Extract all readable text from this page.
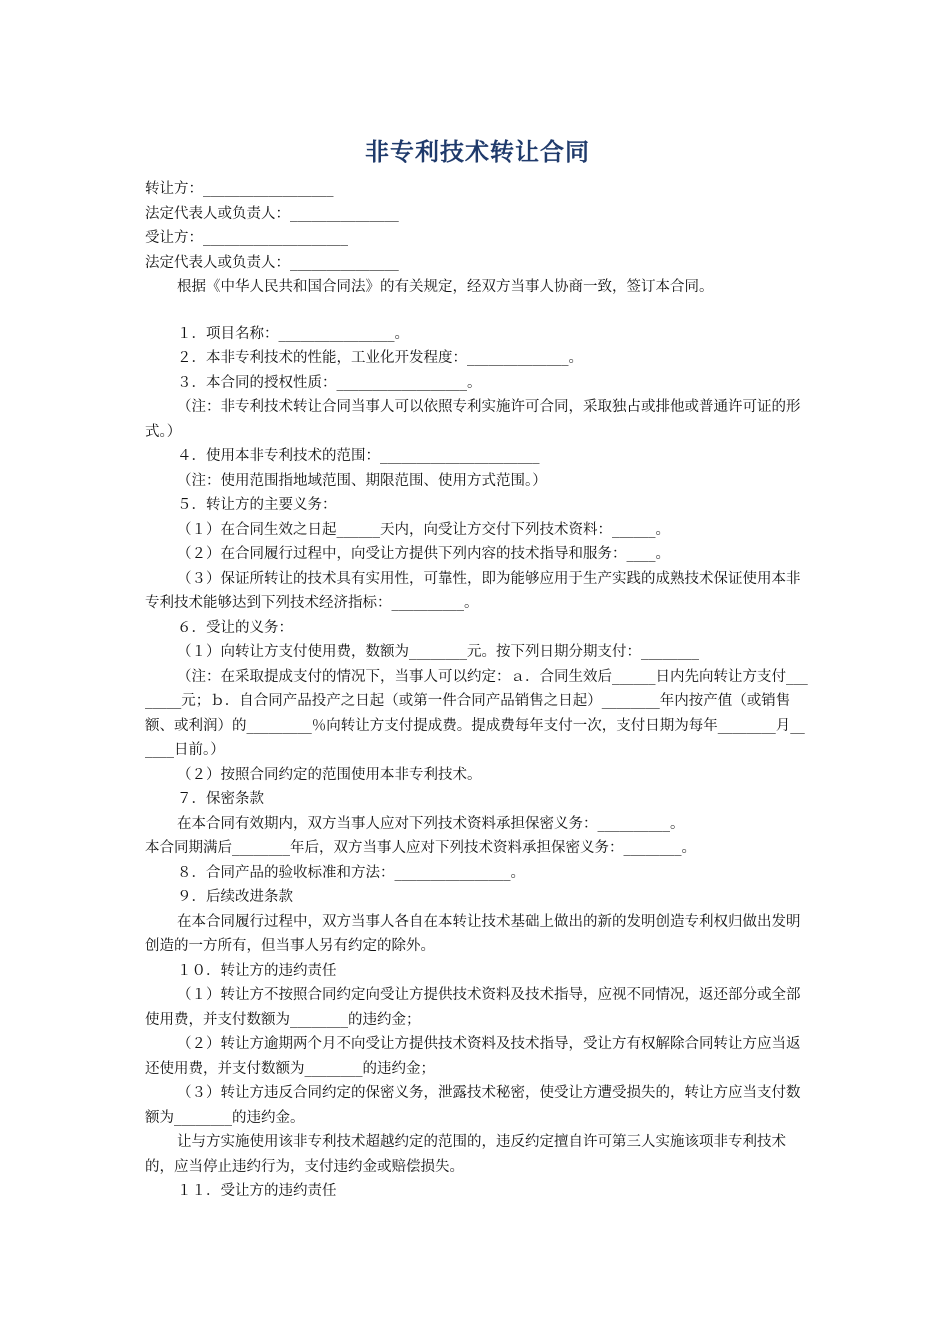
非专利技术转让合同

转让方：__________________

法定代表人或负责人：_______________

受让方：____________________

法定代表人或负责人：_______________

根据《中华人民共和国合同法》的有关规定，经双方当事人协商一致，签订本合同。

１．项目名称：________________。

２．本非专利技术的性能，工业化开发程度：______________。

３．本合同的授权性质：__________________。

（注：非专利技术转让合同当事人可以依照专利实施许可合同，采取独占或排他或普通许可证的形式。）

４．使用本非专利技术的范围：______________________

（注：使用范围指地域范围、期限范围、使用方式范围。）

５．转让方的主要义务：

（１）在合同生效之日起______天内，向受让方交付下列技术资料：______。

（２）在合同履行过程中，向受让方提供下列内容的技术指导和服务：____。

（３）保证所转让的技术具有实用性，可靠性，即为能够应用于生产实践的成熟技术保证使用本非专利技术能够达到下列技术经济指标：__________。

６．受让的义务：

（１）向转让方支付使用费，数额为________元。按下列日期分期支付：________

（注：在采取提成支付的情况下，当事人可以约定：ａ．合同生效后______日内先向转让方支付________元；ｂ．自合同产品投产之日起（或第一件合同产品销售之日起）________年内按产值（或销售额、或利润）的_________％向转让方支付提成费。提成费每年支付一次，支付日期为每年________月______日前。）

（２）按照合同约定的范围使用本非专利技术。

７．保密条款

在本合同有效期内，双方当事人应对下列技术资料承担保密义务：__________。

本合同期满后________年后，双方当事人应对下列技术资料承担保密义务：________。

８．合同产品的验收标准和方法：________________。

９．后续改进条款

在本合同履行过程中，双方当事人各自在本转让技术基础上做出的新的发明创造专利权归做出发明创造的一方所有，但当事人另有约定的除外。

１０．转让方的违约责任

（１）转让方不按照合同约定向受让方提供技术资料及技术指导，应视不同情况，返还部分或全部使用费，并支付数额为________的违约金；

（２）转让方逾期两个月不向受让方提供技术资料及技术指导，受让方有权解除合同转让方应当返还使用费，并支付数额为________的违约金；

（３）转让方违反合同约定的保密义务，泄露技术秘密，使受让方遭受损失的，转让方应当支付数额为________的违约金。

让与方实施使用该非专利技术超越约定的范围的，违反约定擅自许可第三人实施该项非专利技术的，应当停止违约行为，支付违约金或赔偿损失。

１１．受让方的违约责任
